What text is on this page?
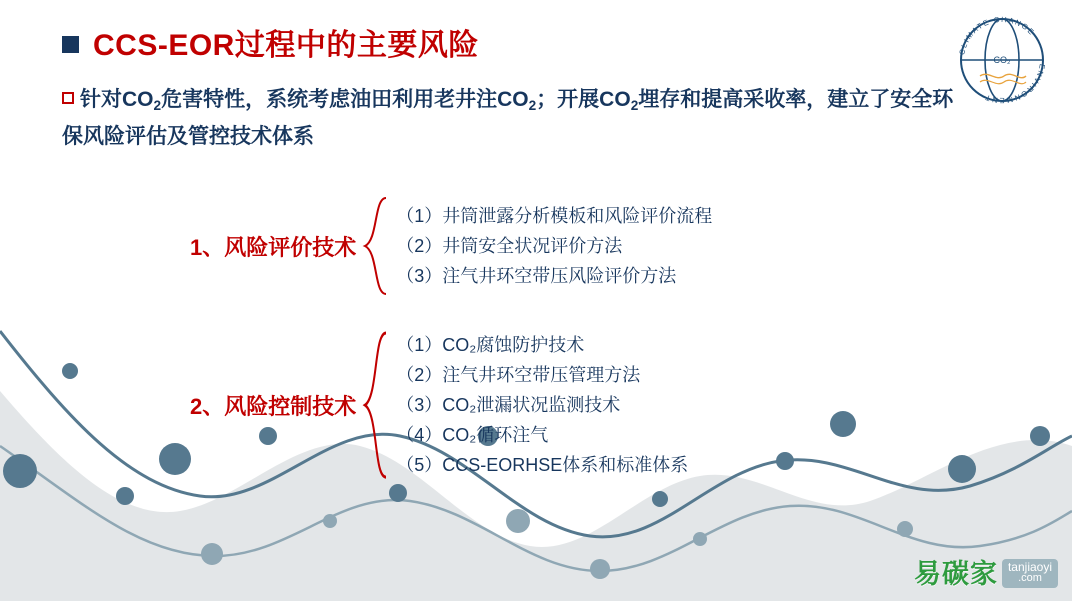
CO₂
CLIMATE CHANGE
ENVIRONMENT
CCS-EOR过程中的主要风险
针对$CO_2$危害特性，系统考虑油田利用老井注$CO_2$；开展$CO_2$埋存和提高采收率，建立了安全环保风险评估及管控技术体系
1、风险评价技术
（1）井筒泄露分析模板和风险评价流程
（2）井筒安全状况评价方法
（3）注气井环空带压风险评价方法
2、风险控制技术
（1）CO₂腐蚀防护技术
（2）注气井环空带压管理方法
（3）CO₂泄漏状况监测技术
（4）CO₂循环注气
（5）CCS-EORHSE体系和标准体系
易碳家 tanjiaoyi
.com
